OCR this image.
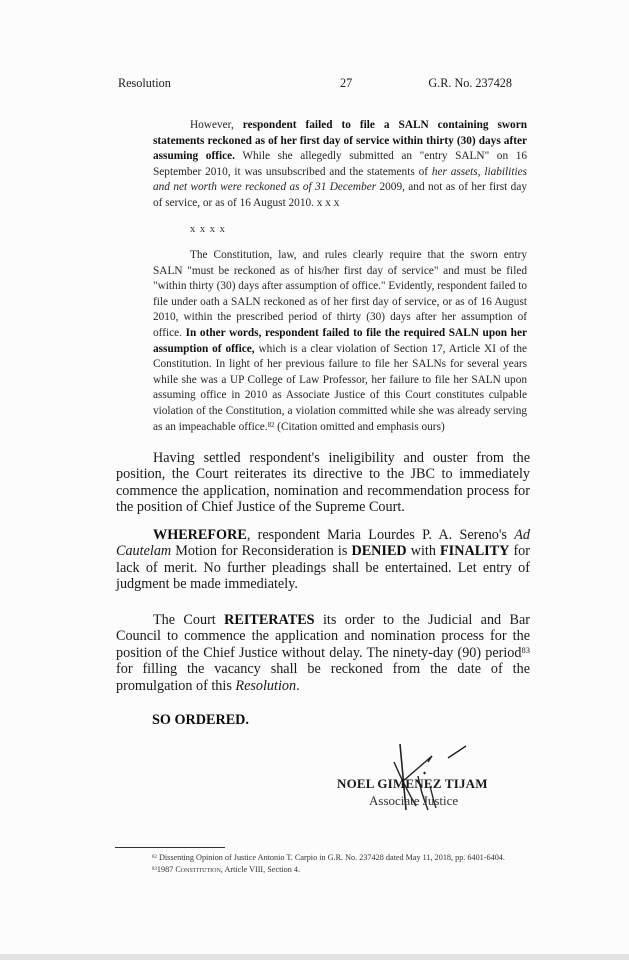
Resolution	27	G.R. No. 237428

However, respondent failed to file a SALN containing sworn statements reckoned as of her first day of service within thirty (30) days after assuming office. While she allegedly submitted an "entry SALN" on 16 September 2010, it was unsubscribed and the statements of her assets, liabilities and net worth were reckoned as of 31 December 2009, and not as of her first day of service, or as of 16 August 2010. x x x

x x x x

The Constitution, law, and rules clearly require that the sworn entry SALN "must be reckoned as of his/her first day of service" and must be filed "within thirty (30) days after assumption of office." Evidently, respondent failed to file under oath a SALN reckoned as of her first day of service, or as of 16 August 2010, within the prescribed period of thirty (30) days after her assumption of office. In other words, respondent failed to file the required SALN upon her assumption of office, which is a clear violation of Section 17, Article XI of the Constitution. In light of her previous failure to file her SALNs for several years while she was a UP College of Law Professor, her failure to file her SALN upon assuming office in 2010 as Associate Justice of this Court constitutes culpable violation of the Constitution, a violation committed while she was already serving as an impeachable office.$^{82}$ (Citation omitted and emphasis ours)

Having settled respondent's ineligibility and ouster from the position, the Court reiterates its directive to the JBC to immediately commence the application, nomination and recommendation process for the position of Chief Justice of the Supreme Court.

WHEREFORE, respondent Maria Lourdes P. A. Sereno's Ad Cautelam Motion for Reconsideration is DENIED with FINALITY for lack of merit. No further pleadings shall be entertained. Let entry of judgment be made immediately.

The Court REITERATES its order to the Judicial and Bar Council to commence the application and nomination process for the position of the Chief Justice without delay. The ninety-day (90) period$^{83}$ for filling the vacancy shall be reckoned from the date of the promulgation of this Resolution.

SO ORDERED.
NOEL GIMENEZ TIJAM
Associate Justice

$^{82}$ Dissenting Opinion of Justice Antonio T. Carpio in G.R. No. 237428 dated May 11, 2018, pp. 6401-6404.

$^{83}$1987 Constitution, Article VIII, Section 4.
